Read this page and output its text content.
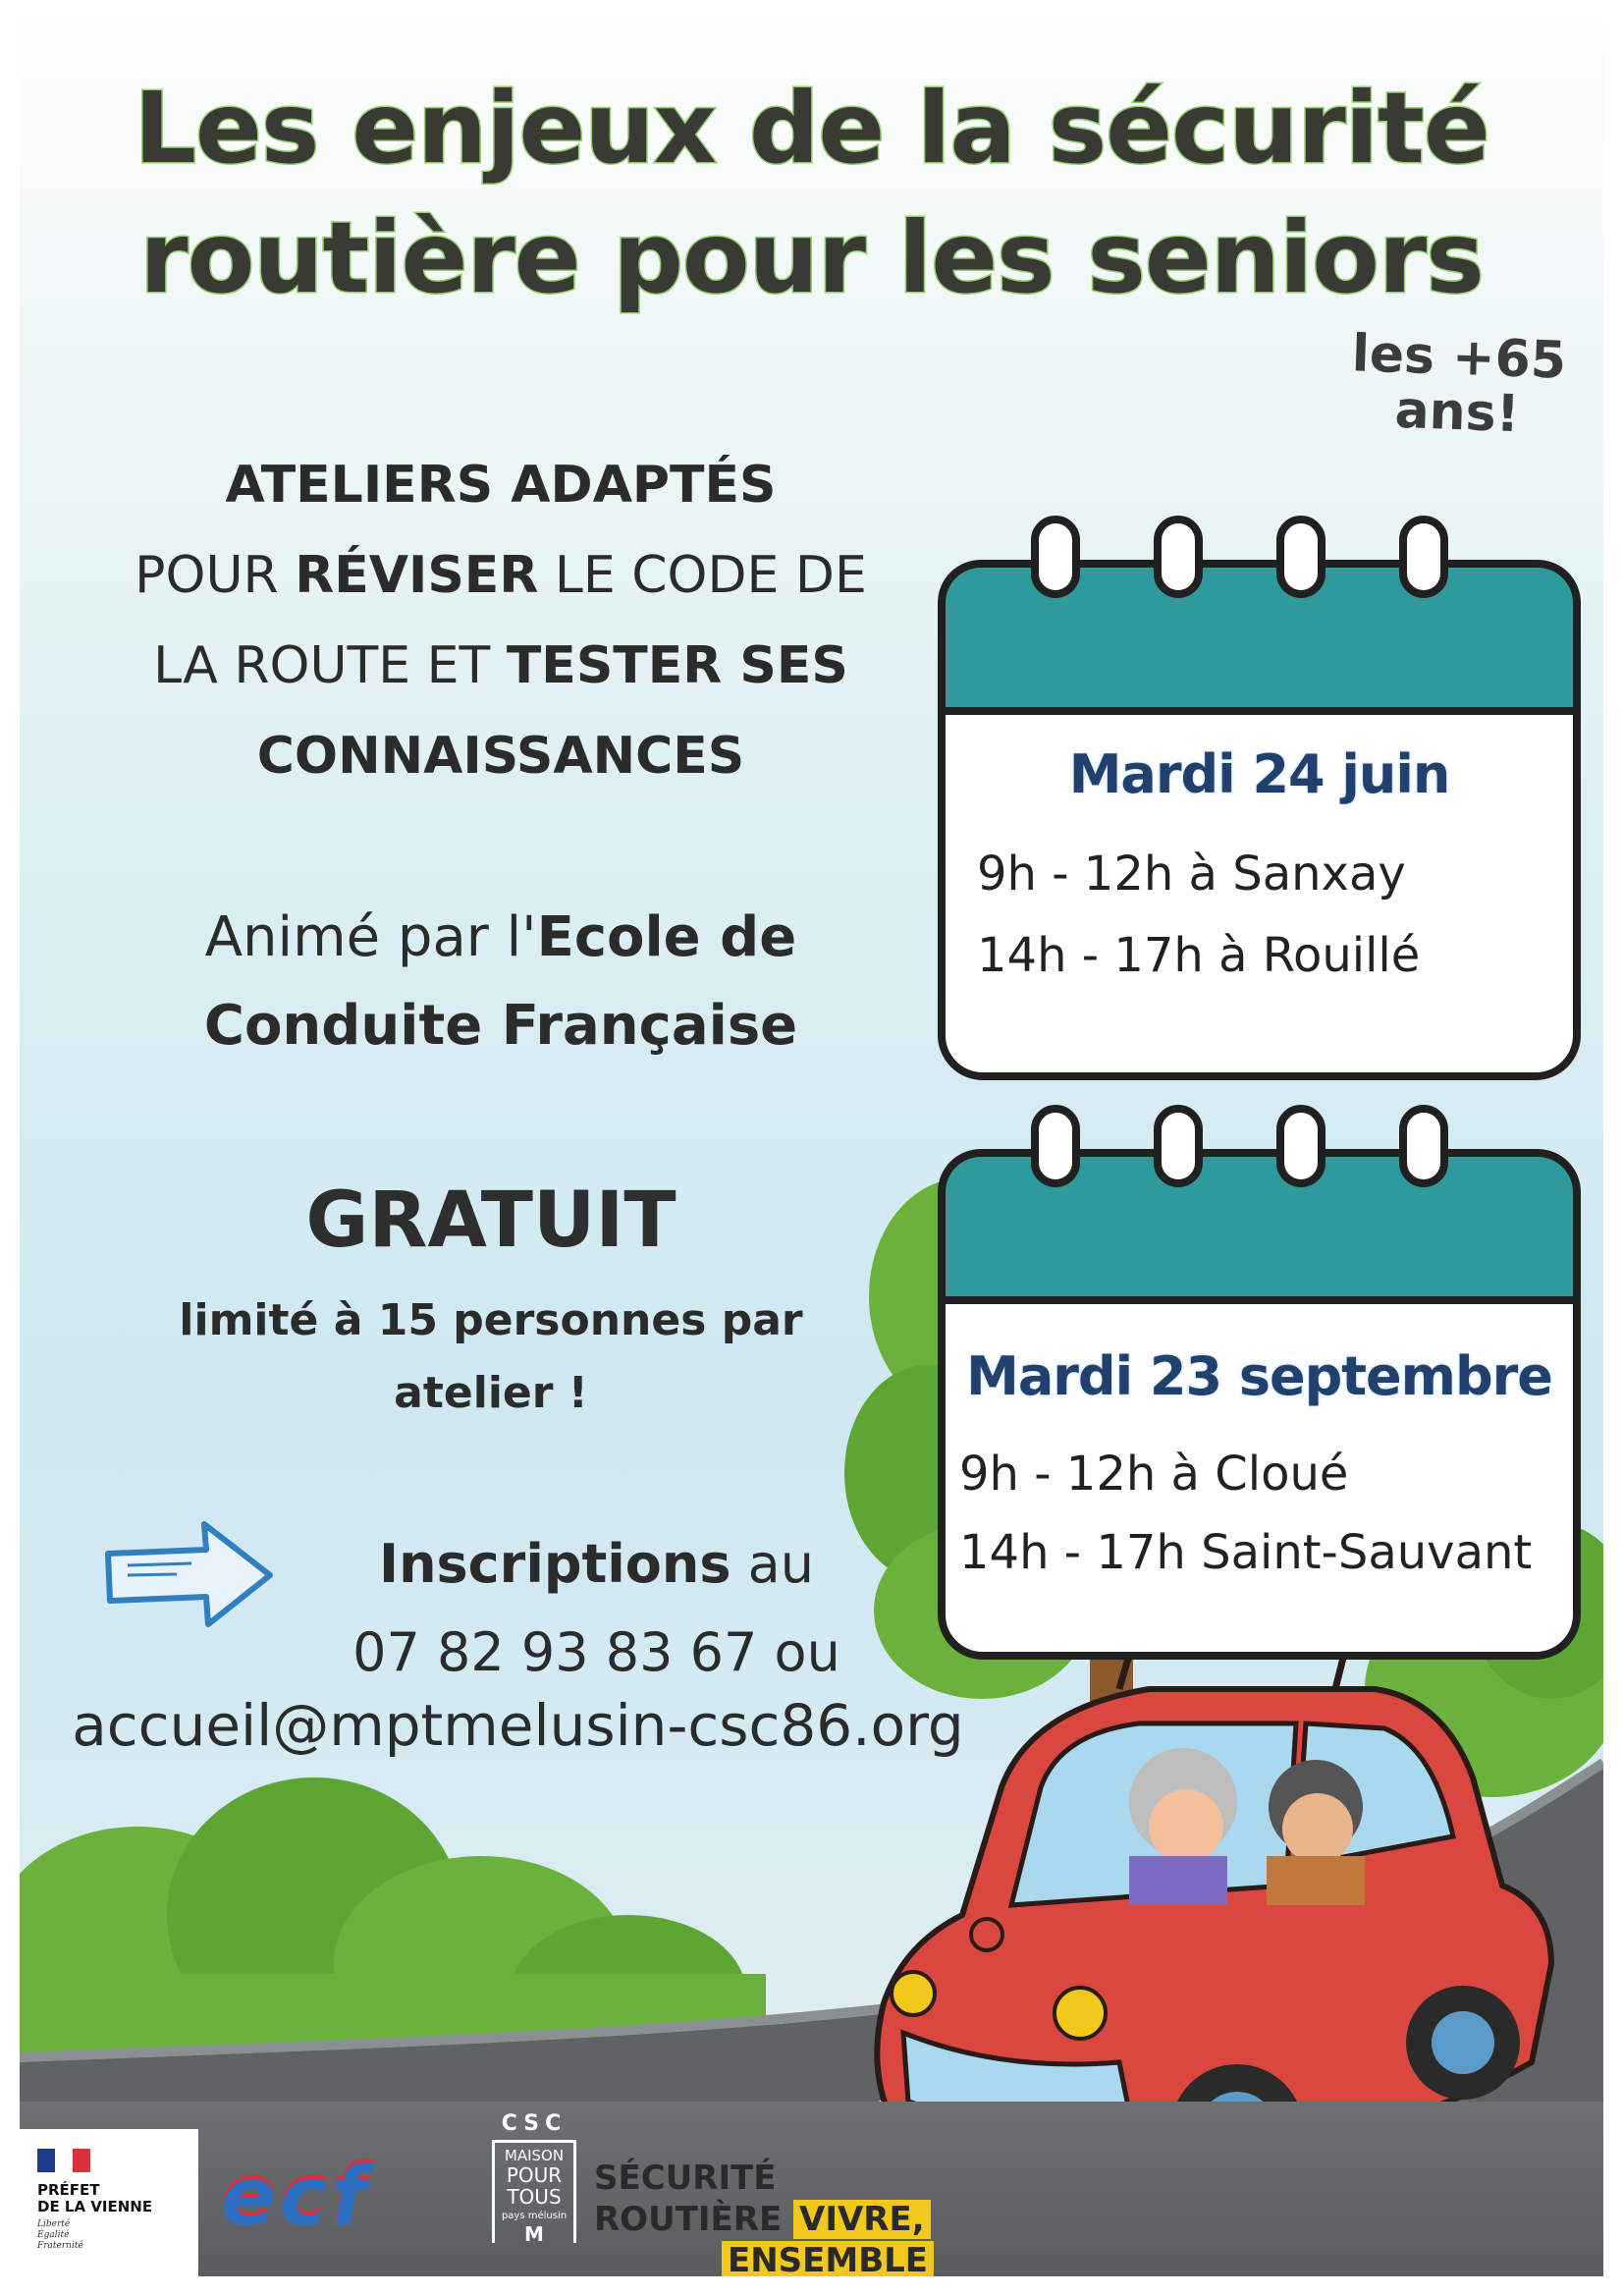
Les enjeux de la sécurité
routière pour les seniors
les +65
ans!
ATELIERS ADAPTÉS
POUR RÉVISER LE CODE DE
LA ROUTE ET TESTER SES
CONNAISSANCES
Animé par l'Ecole de
Conduite Française
GRATUIT
limité à 15 personnes par
atelier !
Inscriptions au
07 82 93 83 67 ou
accueil@mptmelusin-csc86.org
Mardi 24 juin
9h - 12h à Sanxay
14h - 17h à Rouillé
Mardi 23 septembre
9h - 12h à Cloué
14h - 17h Saint-Sauvant
PRÉFET
DE LA VIENNE
Liberté Égalité Fraternité
ecf
CSC
MAISON
POUR
TOUS
pays mélusin
M
SÉCURITÉ
ROUTIÈRE VIVRE,
ENSEMBLE
